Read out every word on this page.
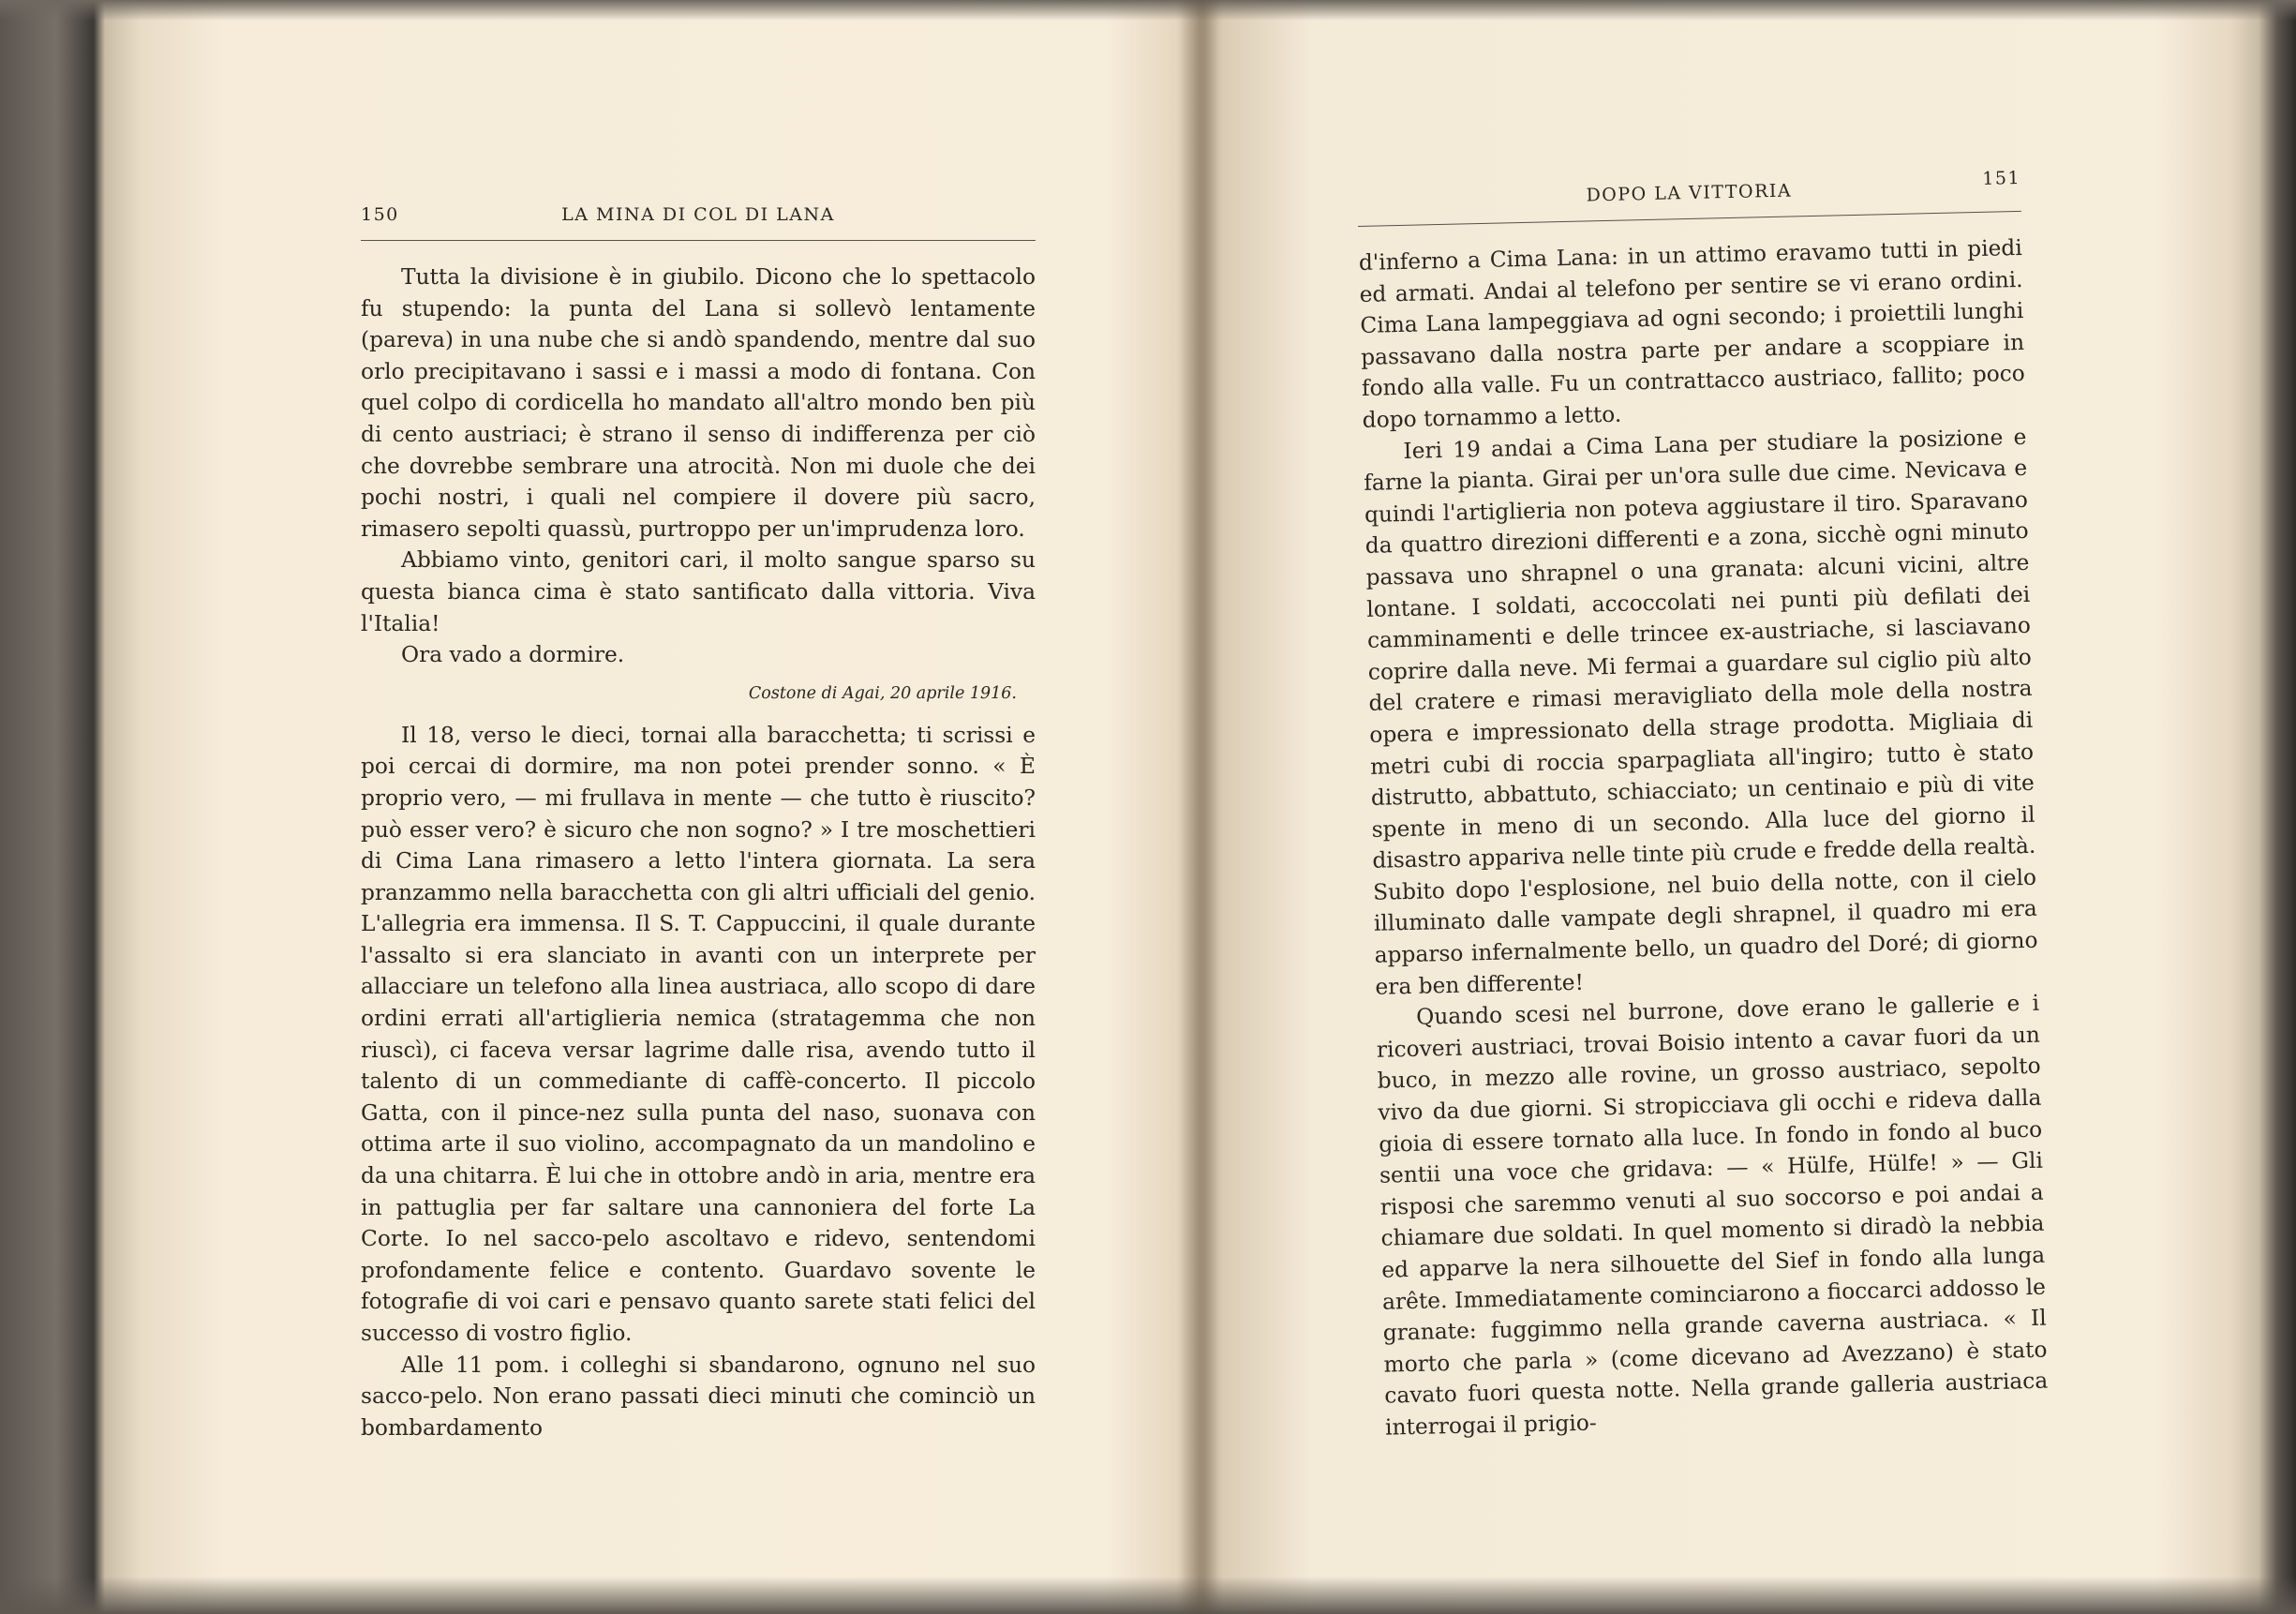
150	LA MINA DI COL DI LANA

Tutta la divisione è in giubilo. Dicono che lo spettacolo fu stupendo: la punta del Lana si sollevò lentamente (pareva) in una nube che si andò spandendo, mentre dal suo orlo precipitavano i sassi e i massi a modo di fontana. Con quel colpo di cordicella ho mandato all'altro mondo ben più di cento austriaci; è strano il senso di indifferenza per ciò che dovrebbe sembrare una atrocità. Non mi duole che dei pochi nostri, i quali nel compiere il dovere più sacro, rimasero sepolti quassù, purtroppo per un'imprudenza loro.

Abbiamo vinto, genitori cari, il molto sangue sparso su questa bianca cima è stato santificato dalla vittoria. Viva l'Italia!

Ora vado a dormire.

Costone di Agai, 20 aprile 1916.

Il 18, verso le dieci, tornai alla baracchetta; ti scrissi e poi cercai di dormire, ma non potei prender sonno. « È proprio vero, — mi frullava in mente — che tutto è riuscito? può esser vero? è sicuro che non sogno? » I tre moschettieri di Cima Lana rimasero a letto l'intera giornata. La sera pranzammo nella baracchetta con gli altri ufficiali del genio. L'allegria era immensa. Il S. T. Cappuccini, il quale durante l'assalto si era slanciato in avanti con un interprete per allacciare un telefono alla linea austriaca, allo scopo di dare ordini errati all'artiglieria nemica (stratagemma che non riuscì), ci faceva versar lagrime dalle risa, avendo tutto il talento di un commediante di caffè-concerto. Il piccolo Gatta, con il pince-nez sulla punta del naso, suonava con ottima arte il suo violino, accompagnato da un mandolino e da una chitarra. È lui che in ottobre andò in aria, mentre era in pattuglia per far saltare una cannoniera del forte La Corte. Io nel sacco-pelo ascoltavo e ridevo, sentendomi profondamente felice e contento. Guardavo sovente le fotografie di voi cari e pensavo quanto sarete stati felici del successo di vostro figlio.

Alle 11 pom. i colleghi si sbandarono, ognuno nel suo sacco-pelo. Non erano passati dieci minuti che cominciò un bombardamento

DOPO LA VITTORIA
151

d'inferno a Cima Lana: in un attimo eravamo tutti in piedi ed armati. Andai al telefono per sentire se vi erano ordini. Cima Lana lampeggiava ad ogni secondo; i proiettili lunghi passavano dalla nostra parte per andare a scoppiare in fondo alla valle. Fu un contrattacco austriaco, fallito; poco dopo tornammo a letto.

Ieri 19 andai a Cima Lana per studiare la posizione e farne la pianta. Girai per un'ora sulle due cime. Nevicava e quindi l'artiglieria non poteva aggiustare il tiro. Sparavano da quattro direzioni differenti e a zona, sicchè ogni minuto passava uno shrapnel o una granata: alcuni vicini, altre lontane. I soldati, accoccolati nei punti più defilati dei camminamenti e delle trincee ex-austriache, si lasciavano coprire dalla neve. Mi fermai a guardare sul ciglio più alto del cratere e rimasi meravigliato della mole della nostra opera e impressionato della strage prodotta. Migliaia di metri cubi di roccia sparpagliata all'ingiro; tutto è stato distrutto, abbattuto, schiacciato; un centinaio e più di vite spente in meno di un secondo. Alla luce del giorno il disastro appariva nelle tinte più crude e fredde della realtà. Subito dopo l'esplosione, nel buio della notte, con il cielo illuminato dalle vampate degli shrapnel, il quadro mi era apparso infernalmente bello, un quadro del Doré; di giorno era ben differente!

Quando scesi nel burrone, dove erano le gallerie e i ricoveri austriaci, trovai Boisio intento a cavar fuori da un buco, in mezzo alle rovine, un grosso austriaco, sepolto vivo da due giorni. Si stropicciava gli occhi e rideva dalla gioia di essere tornato alla luce. In fondo in fondo al buco sentii una voce che gridava: — « Hülfe, Hülfe! » — Gli risposi che saremmo venuti al suo soccorso e poi andai a chiamare due soldati. In quel momento si diradò la nebbia ed apparve la nera silhouette del Sief in fondo alla lunga arête. Immediatamente cominciarono a fioccarci addosso le granate: fuggimmo nella grande caverna austriaca. « Il morto che parla » (come dicevano ad Avezzano) è stato cavato fuori questa notte. Nella grande galleria austriaca interrogai il prigio-
